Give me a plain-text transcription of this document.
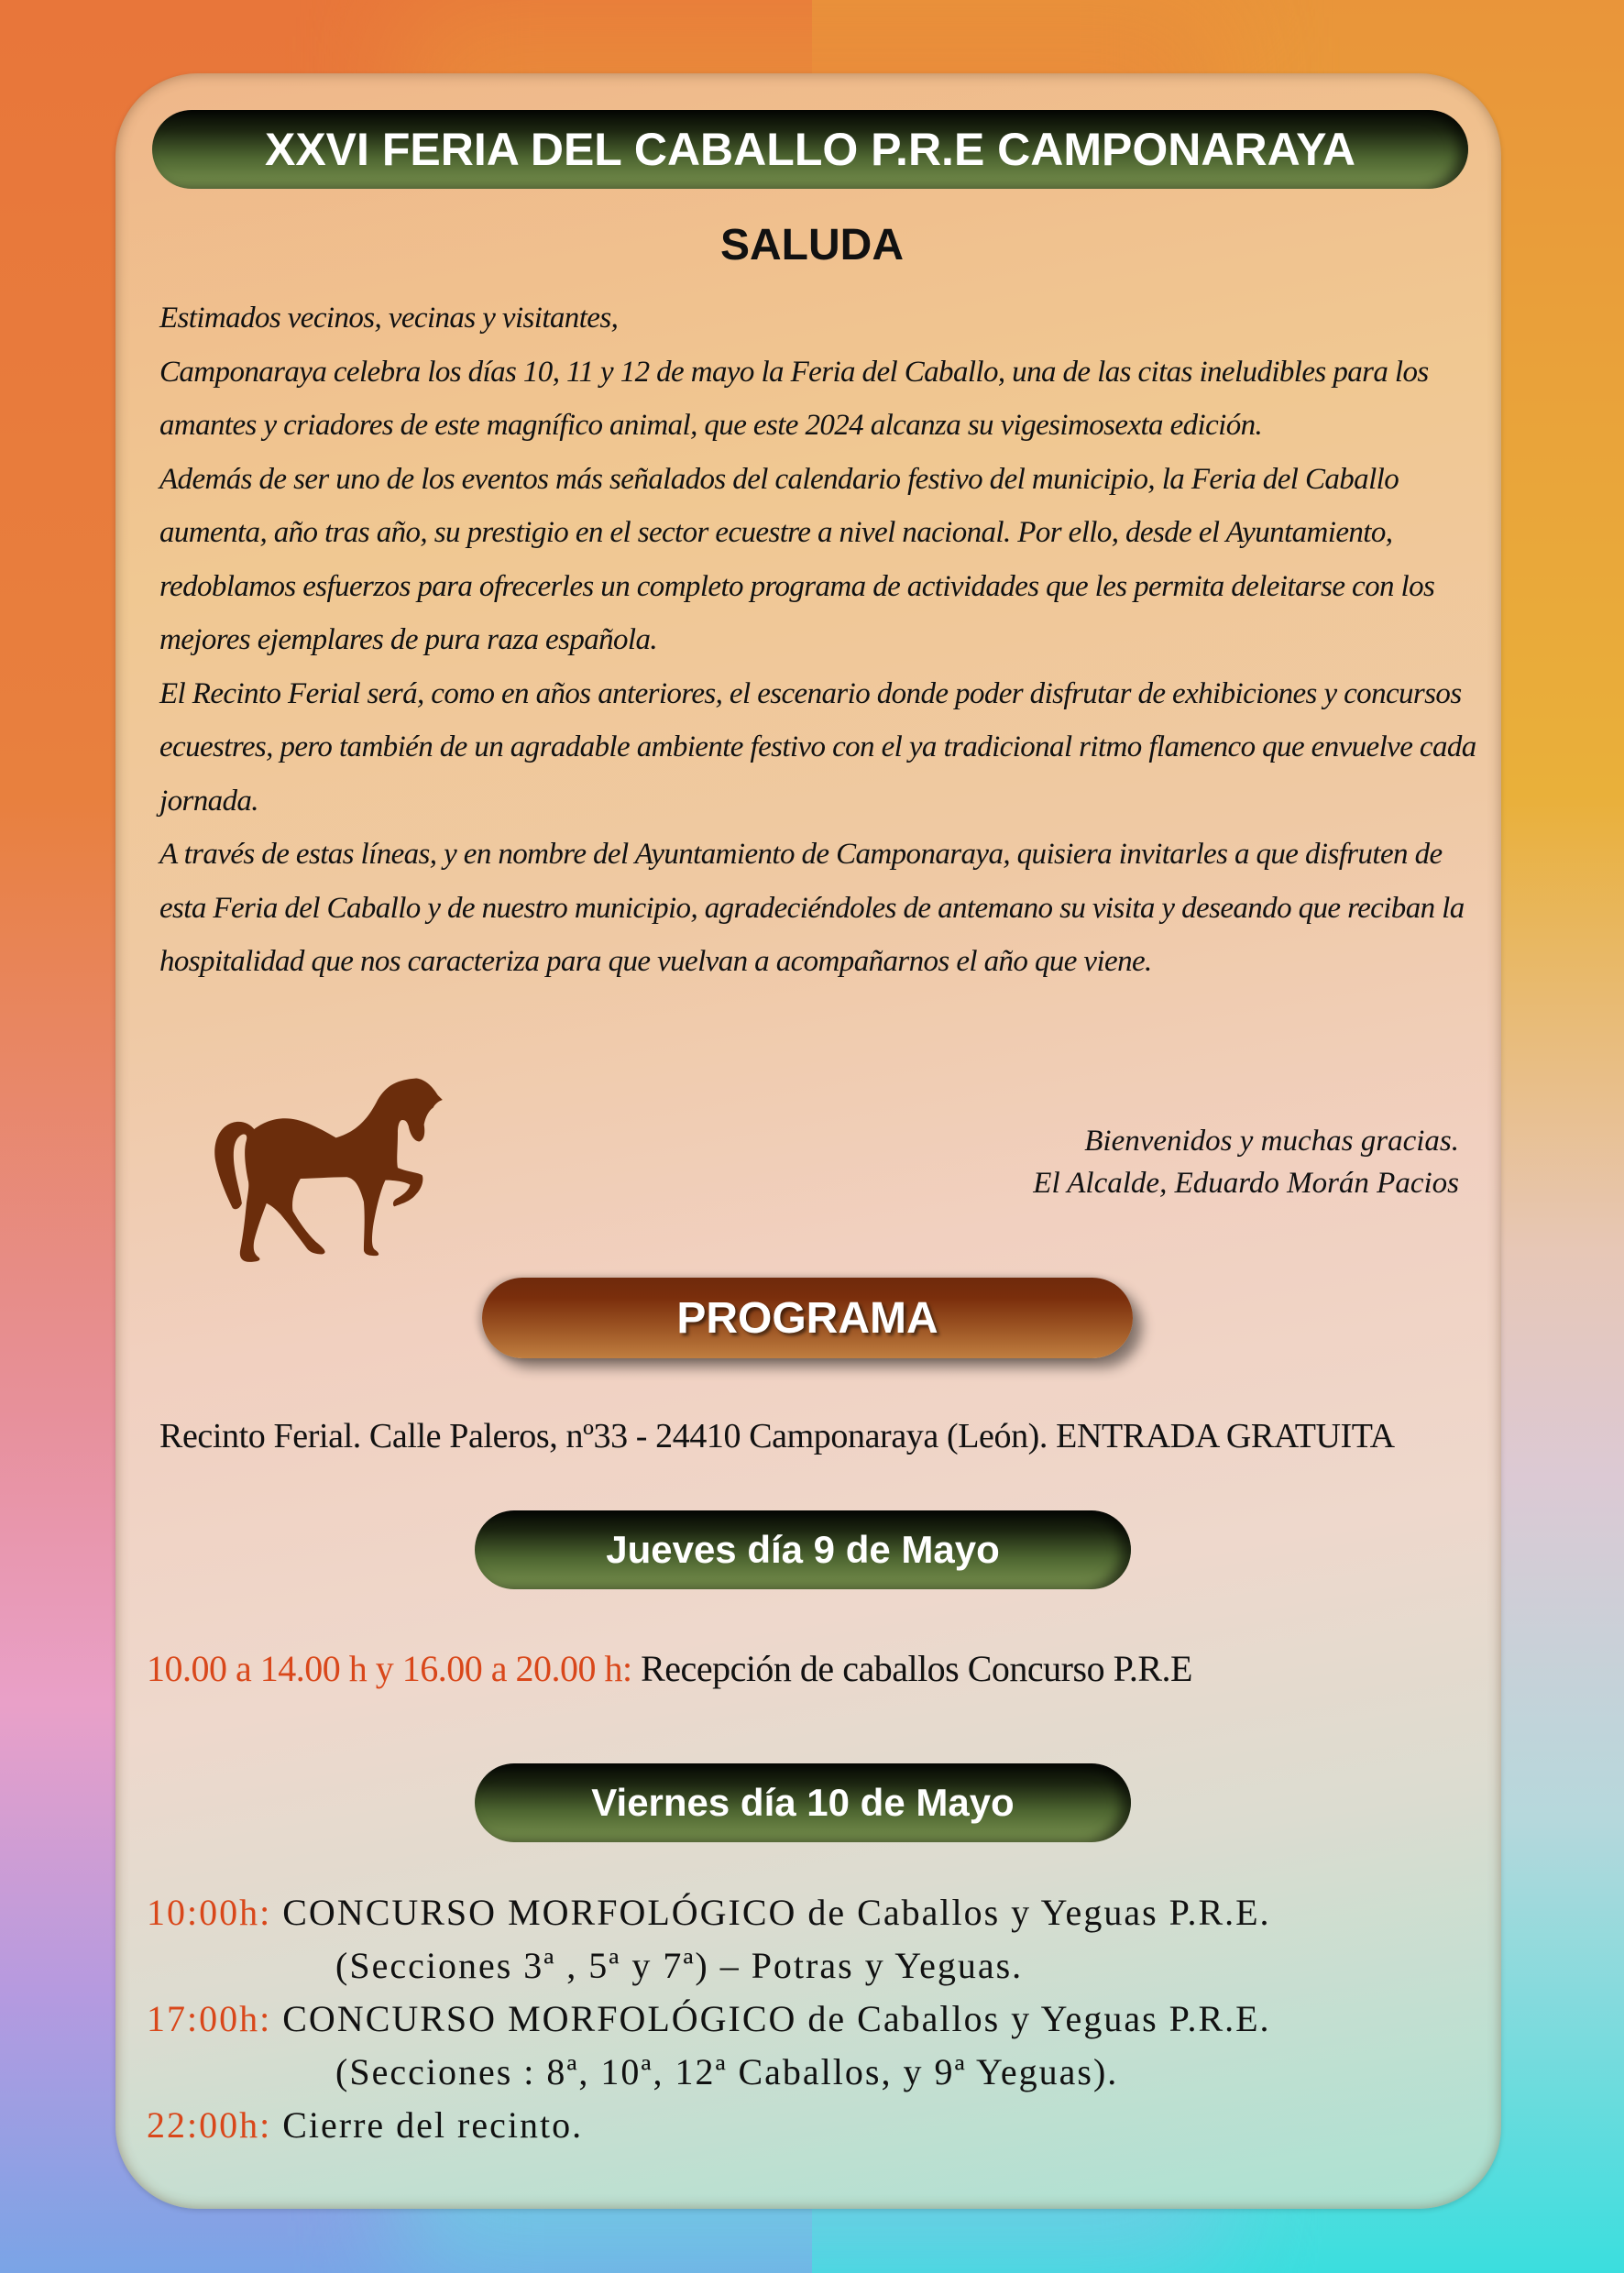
XXVI FERIA DEL CABALLO P.R.E CAMPONARAYA
SALUDA

Estimados vecinos, vecinas y visitantes,

Camponaraya celebra los días 10, 11 y 12 de mayo la Feria del Caballo, una de las citas ineludibles para los amantes y criadores de este magnífico animal, que este 2024 alcanza su vigesimosexta edición.

Además de ser uno de los eventos más señalados del calendario festivo del municipio, la Feria del Caballo aumenta, año tras año, su prestigio en el sector ecuestre a nivel nacional. Por ello, desde el Ayuntamiento, redoblamos esfuerzos para ofrecerles un completo programa de actividades que les permita deleitarse con los mejores ejemplares de pura raza española.

El Recinto Ferial será, como en años anteriores, el escenario donde poder disfrutar de exhibiciones y concursos ecuestres, pero también de un agradable ambiente festivo con el ya tradicional ritmo flamenco que envuelve cada jornada.

A través de estas líneas, y en nombre del Ayuntamiento de Camponaraya, quisiera invitarles a que disfruten de esta Feria del Caballo y de nuestro municipio, agradeciéndoles de antemano su visita y deseando que reciban la hospitalidad que nos caracteriza para que vuelvan a acompañarnos el año que viene.

Bienvenidos y muchas gracias.
El Alcalde, Eduardo Morán Pacios
PROGRAMA
Recinto Ferial. Calle Paleros, nº33 - 24410 Camponaraya (León). ENTRADA GRATUITA
Jueves día 9 de Mayo
10.00 a 14.00 h y 16.00 a 20.00 h: Recepción de caballos Concurso P.R.E
Viernes día 10 de Mayo
10:00h: CONCURSO MORFOLÓGICO de Caballos y Yeguas P.R.E.
(Secciones 3ª , 5ª y 7ª) – Potras y Yeguas.
17:00h: CONCURSO MORFOLÓGICO de Caballos y Yeguas P.R.E.
(Secciones : 8ª, 10ª, 12ª Caballos, y 9ª Yeguas).
22:00h: Cierre del recinto.
